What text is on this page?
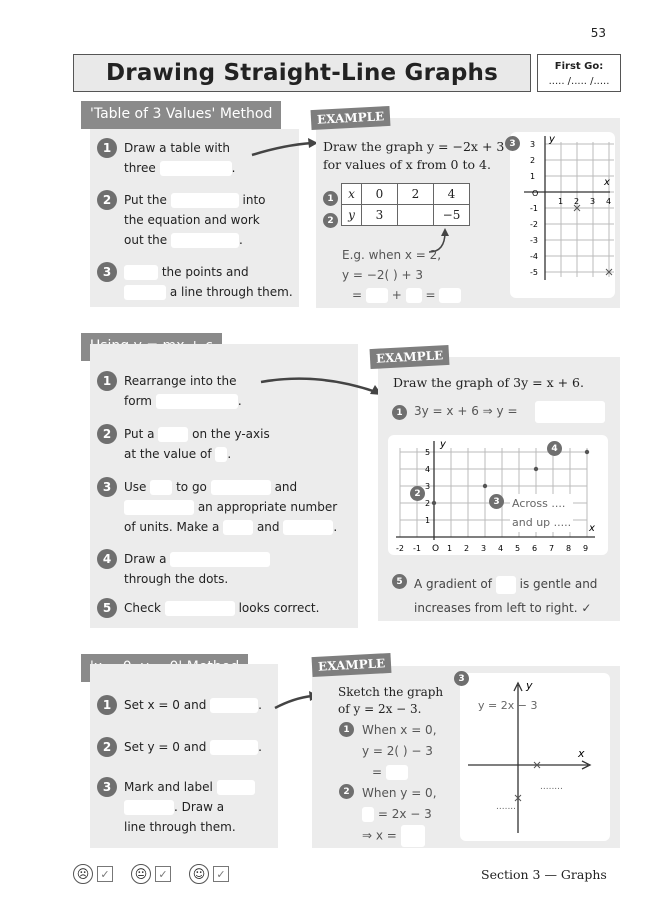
53
Drawing Straight-Line Graphs	First Go:
..... /..... /.....
'Table of 3 Values' Method
1	Draw a table with
three	.
2	Put the	into
the equation and work
out the	.
3	the points and
a line through them.
EXAMPLE
Draw the graph y = −2x + 3
for values of x from 0 to 4.
1
2
x	0	2	4
y	3		−5
E.g. when x = 2,
y = −2( ) + 3
= + =
x
y
O
1 2 3 4
3
2
1
-1
-2
-3
-4
-5
3
1	Rearrange into the
form	.
2	Put a	on the y-axis
at the value of .
3	Use to go	and
an appropriate number
of units. Make a	and	.
4	Draw a
through the dots.
5	Check	looks correct.
EXAMPLE
Draw the graph of 3y = x + 6.
1 3y = x + 6 ⇒ y =
x
y
O
-2 -1	1 2 3 4 5 6 7 8 9
5
4
3
2
1
2
3
4
Across ....
and up .....
5 A gradient of is gentle and
increases from left to right. ✓
1	Set x = 0 and	.
2	Set y = 0 and	.
3	Mark and label
. Draw a
line through them.
EXAMPLE
Sketch the graph
of y = 2x − 3.
1
2
When x = 0,
y = 2( ) − 3
=
When y = 0,
= 2x − 3
⇒ x =
x
y
y = 2x − 3
........
.......
3
☹	✓	😐	✓	☺	✓	Section 3 — Graphs
